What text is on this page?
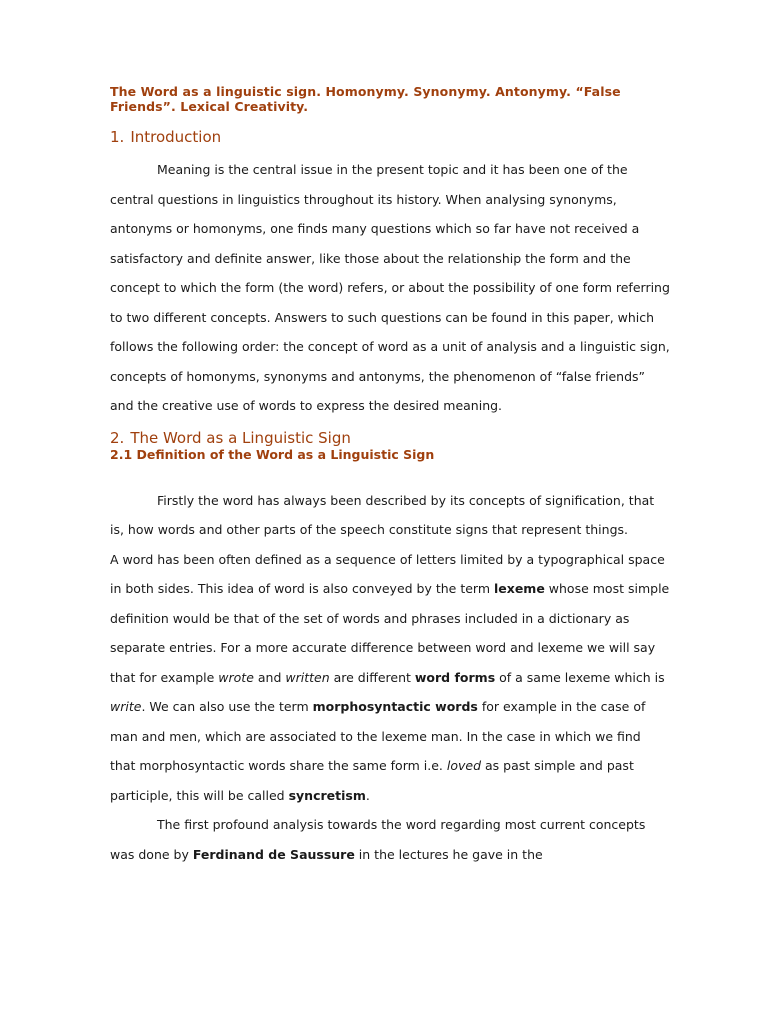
The Word as a linguistic sign. Homonymy. Synonymy. Antonymy. “False Friends”. Lexical Creativity.
1. Introduction

Meaning is the central issue in the present topic and it has been one of the central questions in linguistics throughout its history. When analysing synonyms, antonyms or homonyms, one finds many questions which so far have not received a satisfactory and definite answer, like those about the relationship the form and the concept to which the form (the word) refers, or about the possibility of one form referring to two different concepts. Answers to such questions can be found in this paper, which follows the following order: the concept of word as a unit of analysis and a linguistic sign, concepts of homonyms, synonyms and antonyms, the phenomenon of “false friends” and the creative use of words to express the desired meaning.

2. The Word as a Linguistic Sign
2.1 Definition of the Word as a Linguistic Sign

Firstly the word has always been described by its concepts of signification, that is, how words and other parts of the speech constitute signs that represent things.

A word has been often defined as a sequence of letters limited by a typographical space in both sides. This idea of word is also conveyed by the term lexeme whose most simple definition would be that of the set of words and phrases included in a dictionary as separate entries. For a more accurate difference between word and lexeme we will say that for example wrote and written are different word forms of a same lexeme which is write. We can also use the term morphosyntactic words for example in the case of man and men, which are associated to the lexeme man. In the case in which we find that morphosyntactic words share the same form i.e. loved as past simple and past participle, this will be called syncretism.

The first profound analysis towards the word regarding most current concepts was done by Ferdinand de Saussure in the lectures he gave in the
